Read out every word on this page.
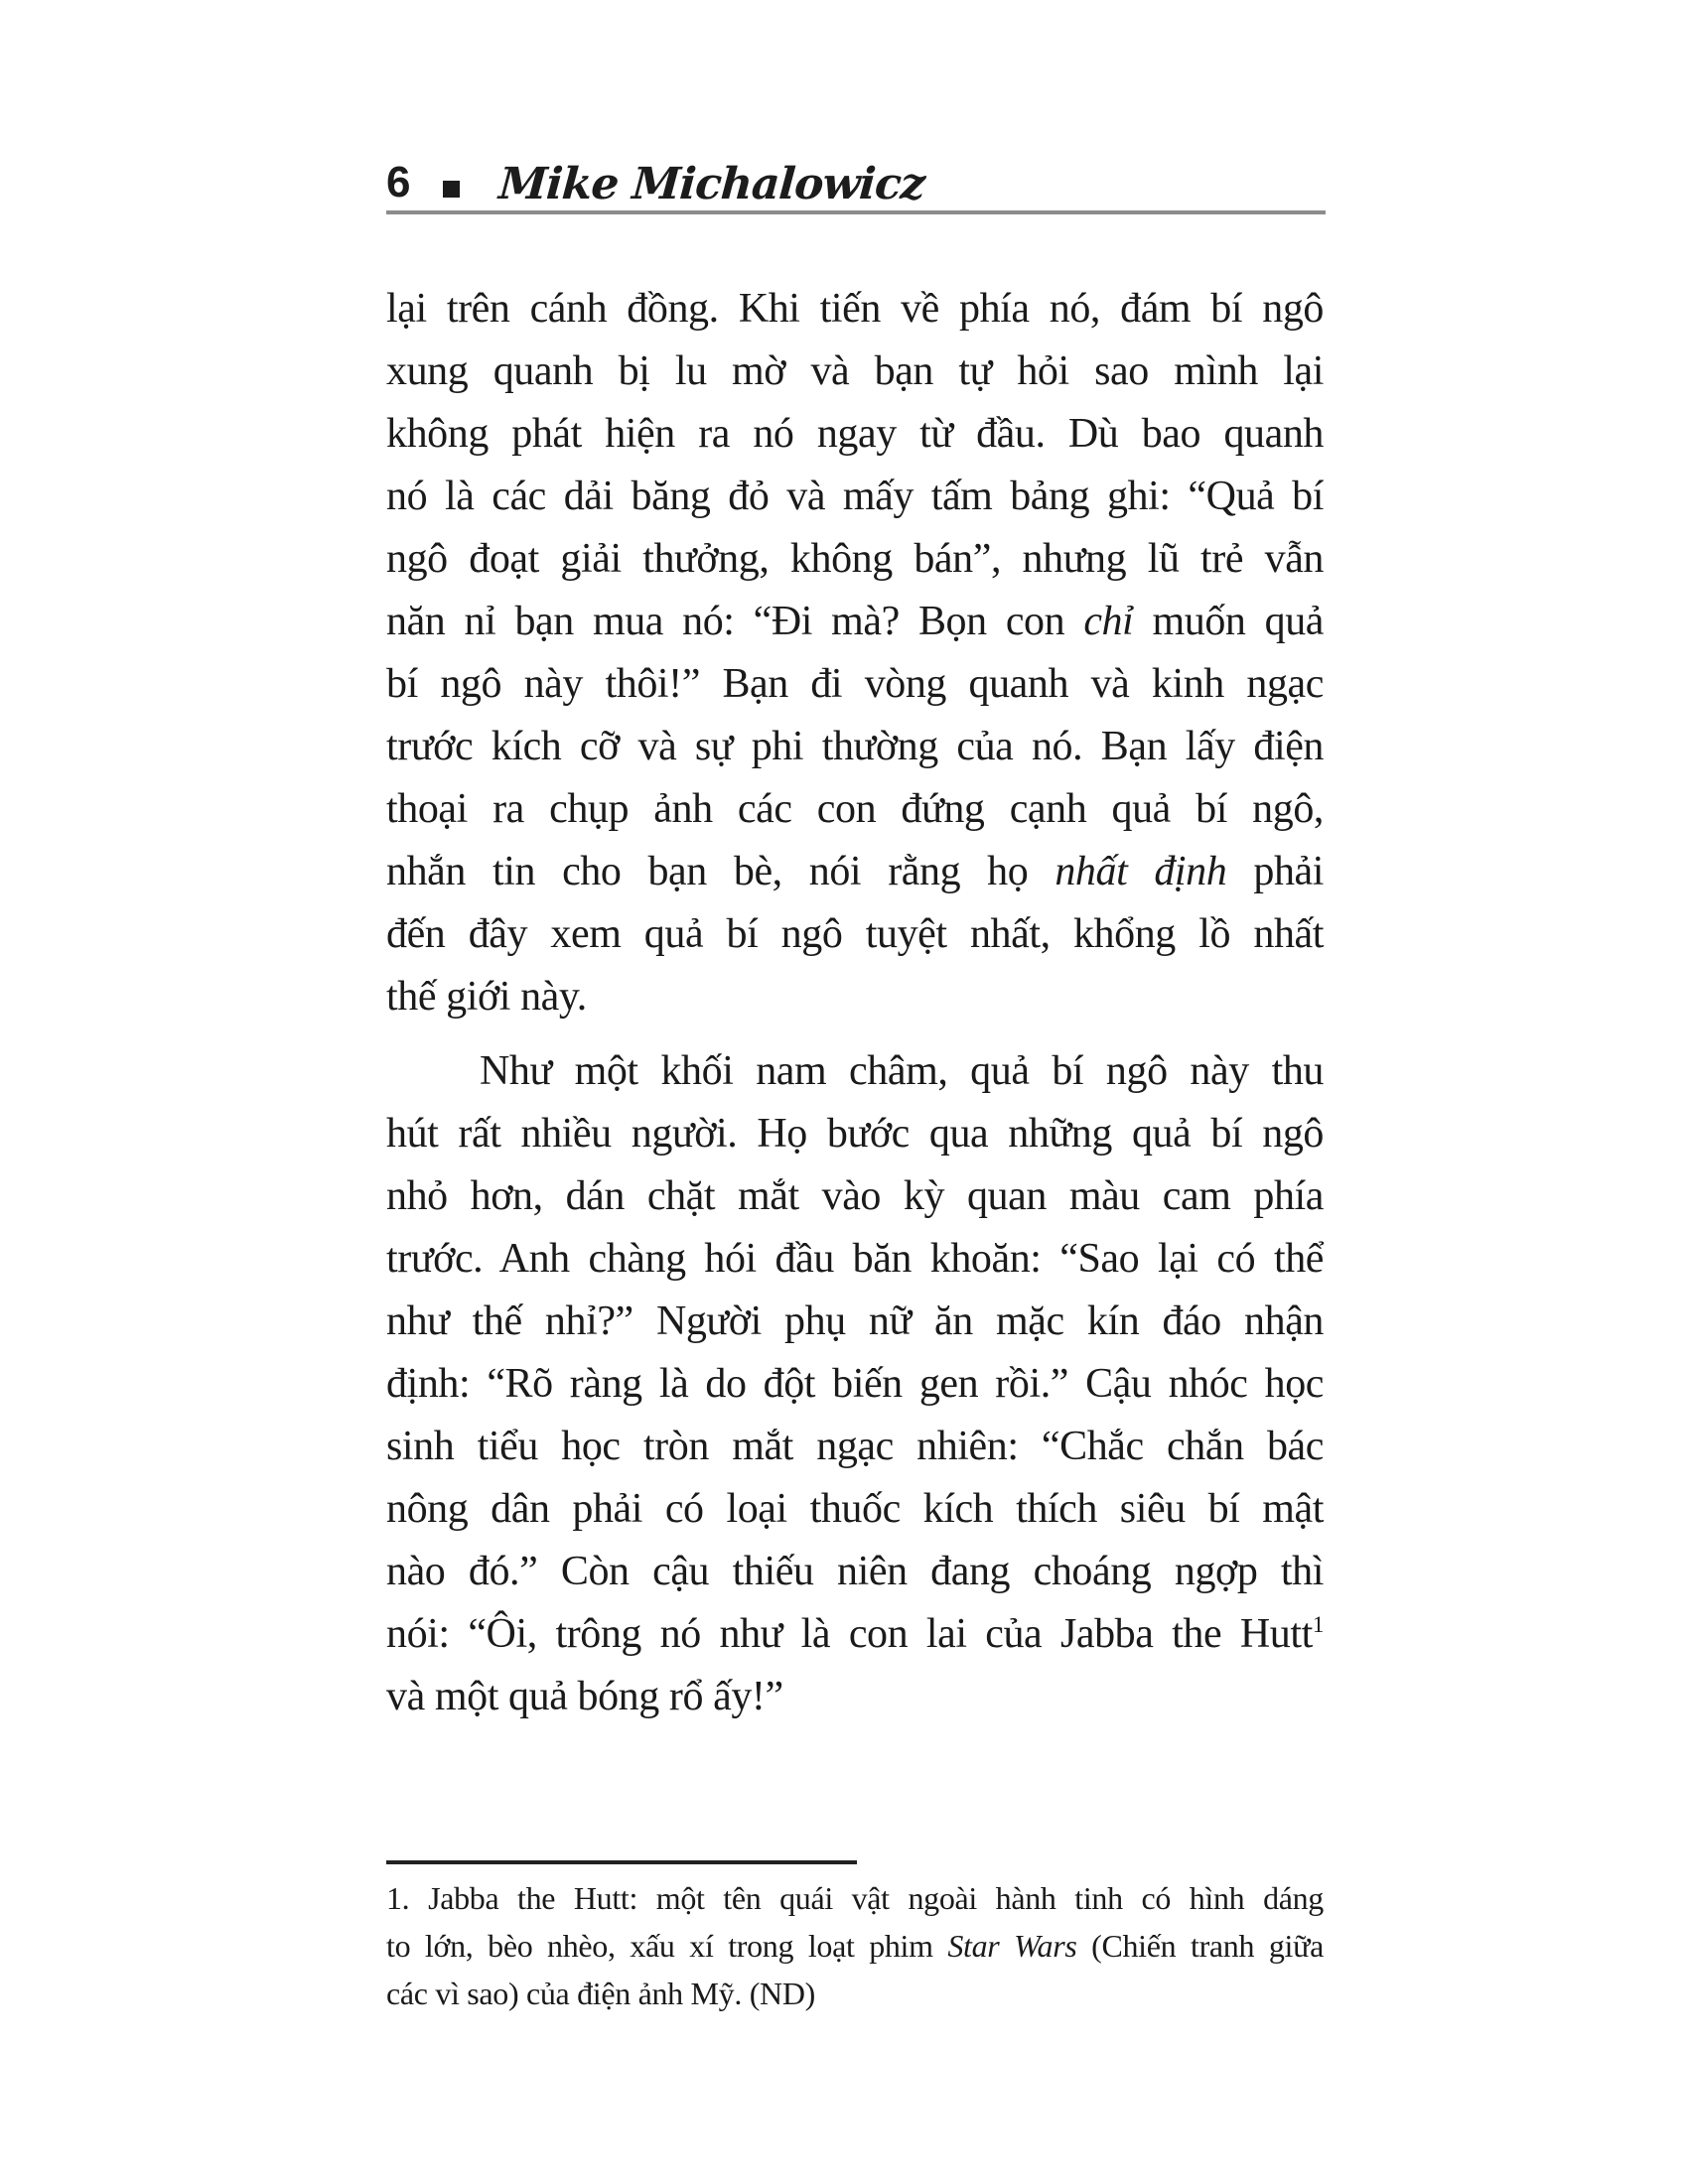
6 Mike Michalowicz
lại trên cánh đồng. Khi tiến về phía nó, đám bí ngô
xung quanh bị lu mờ và bạn tự hỏi sao mình lại
không phát hiện ra nó ngay từ đầu. Dù bao quanh
nó là các dải băng đỏ và mấy tấm bảng ghi: “Quả bí
ngô đoạt giải thưởng, không bán”, nhưng lũ trẻ vẫn
năn nỉ bạn mua nó: “Đi mà? Bọn con chỉ muốn quả
bí ngô này thôi!” Bạn đi vòng quanh và kinh ngạc
trước kích cỡ và sự phi thường của nó. Bạn lấy điện
thoại ra chụp ảnh các con đứng cạnh quả bí ngô,
nhắn tin cho bạn bè, nói rằng họ nhất định phải
đến đây xem quả bí ngô tuyệt nhất, khổng lồ nhất
thế giới này.
Như một khối nam châm, quả bí ngô này thu
hút rất nhiều người. Họ bước qua những quả bí ngô
nhỏ hơn, dán chặt mắt vào kỳ quan màu cam phía
trước. Anh chàng hói đầu băn khoăn: “Sao lại có thể
như thế nhỉ?” Người phụ nữ ăn mặc kín đáo nhận
định: “Rõ ràng là do đột biến gen rồi.” Cậu nhóc học
sinh tiểu học tròn mắt ngạc nhiên: “Chắc chắn bác
nông dân phải có loại thuốc kích thích siêu bí mật
nào đó.” Còn cậu thiếu niên đang choáng ngợp thì
nói: “Ôi, trông nó như là con lai của Jabba the Hutt$^1$
và một quả bóng rổ ấy!”
1. Jabba the Hutt: một tên quái vật ngoài hành tinh có hình dáng
to lớn, bèo nhèo, xấu xí trong loạt phim Star Wars (Chiến tranh giữa
các vì sao) của điện ảnh Mỹ. (ND)
